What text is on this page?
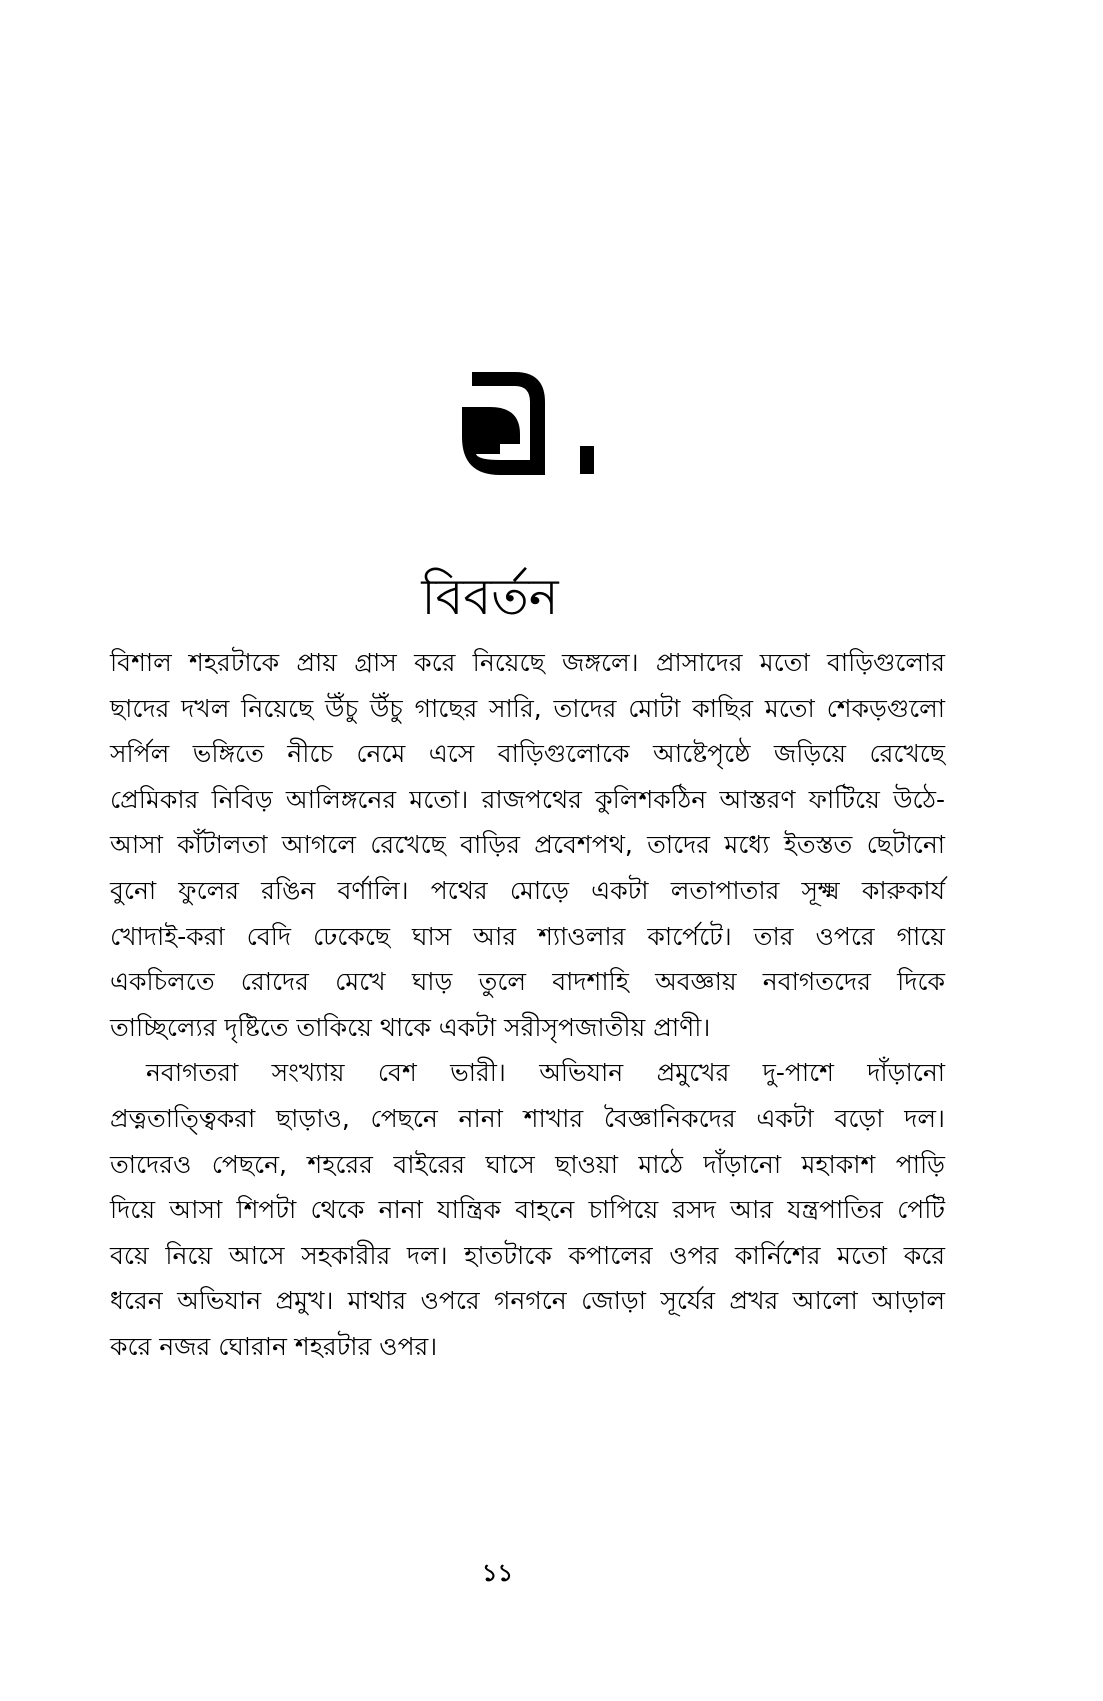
বিবর্তন

বিশাল শহরটাকে প্রায় গ্রাস করে নিয়েছে জঙ্গলে। প্রাসাদের মতো বাড়িগুলোর
ছাদের দখল নিয়েছে উঁচু উঁচু গাছের সারি, তাদের মোটা কাছির মতো শেকড়গুলো
সর্পিল ভঙ্গিতে নীচে নেমে এসে বাড়িগুলোকে আষ্টেপৃষ্ঠে জড়িয়ে রেখেছে
প্রেমিকার নিবিড় আলিঙ্গনের মতো। রাজপথের কুলিশকঠিন আস্তরণ ফাটিয়ে উঠে-
আসা কাঁটালতা আগলে রেখেছে বাড়ির প্রবেশপথ, তাদের মধ্যে ইতস্তত ছেটানো
বুনো ফুলের রঙিন বর্ণালি। পথের মোড়ে একটা লতাপাতার সূক্ষ্ম কারুকার্য
খোদাই-করা বেদি ঢেকেছে ঘাস আর শ্যাওলার কার্পেটে। তার ওপরে গায়ে
একচিলতে রোদের মেখে ঘাড় তুলে বাদশাহি অবজ্ঞায় নবাগতদের দিকে
তাচ্ছিল্যের দৃষ্টিতে তাকিয়ে থাকে একটা সরীসৃপজাতীয় প্রাণী।

নবাগতরা সংখ্যায় বেশ ভারী। অভিযান প্রমুখের দু-পাশে দাঁড়ানো
প্রত্নতাত্ত্বিকরা ছাড়াও, পেছনে নানা শাখার বৈজ্ঞানিকদের একটা বড়ো দল।
তাদেরও পেছনে, শহরের বাইরের ঘাসে ছাওয়া মাঠে দাঁড়ানো মহাকাশ পাড়ি
দিয়ে আসা শিপটা থেকে নানা যান্ত্রিক বাহনে চাপিয়ে রসদ আর যন্ত্রপাতির পেটি
বয়ে নিয়ে আসে সহকারীর দল। হাতটাকে কপালের ওপর কার্নিশের মতো করে
ধরেন অভিযান প্রমুখ। মাথার ওপরে গনগনে জোড়া সূর্যের প্রখর আলো আড়াল
করে নজর ঘোরান শহরটার ওপর।

১১
